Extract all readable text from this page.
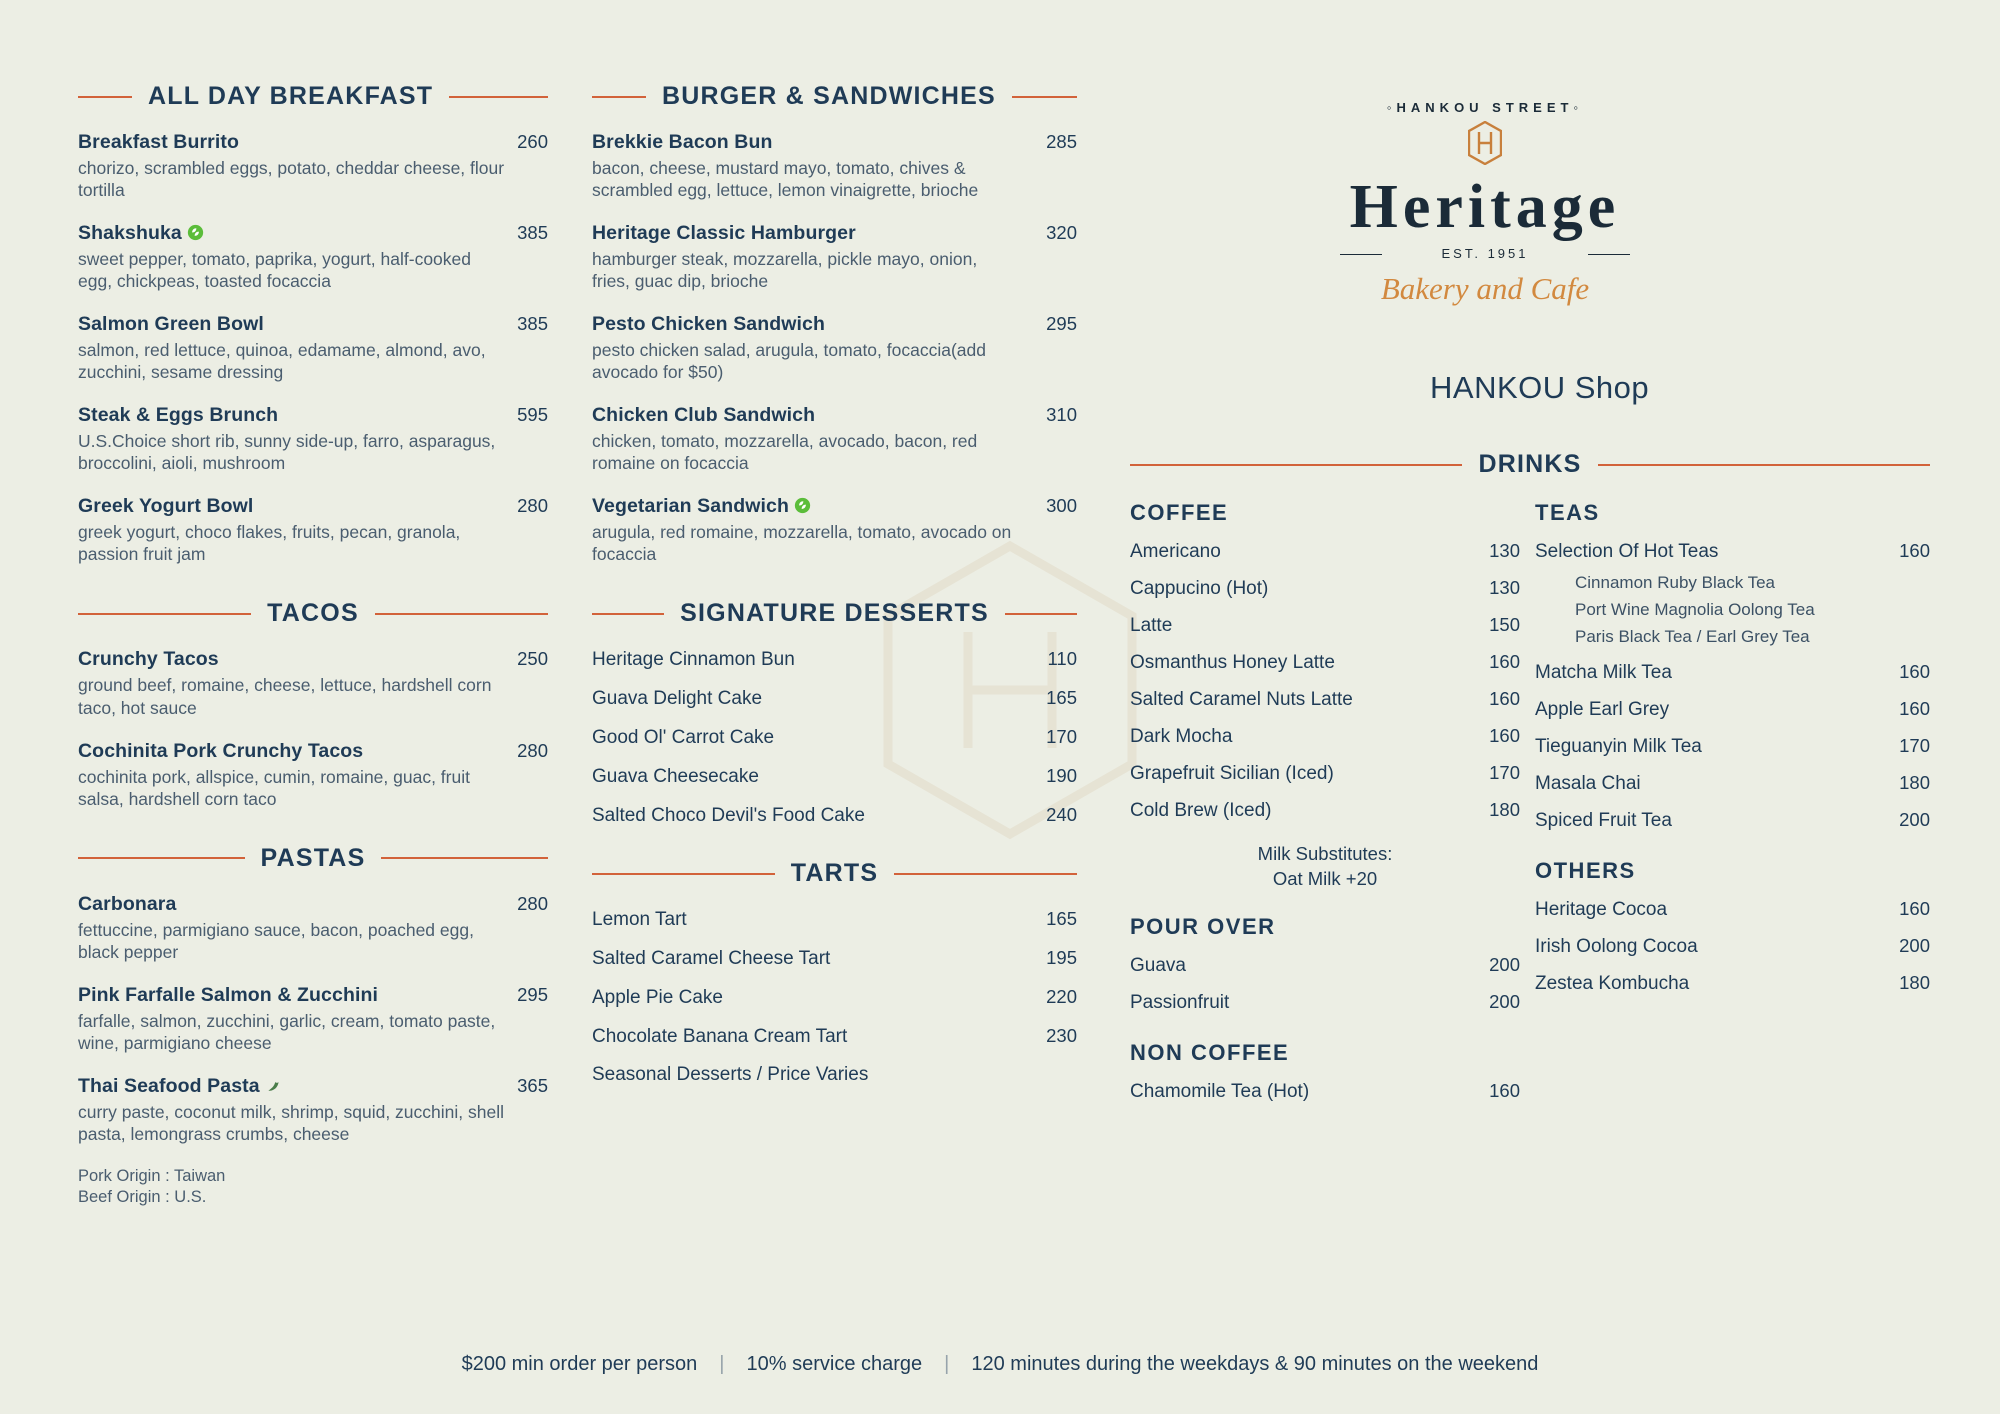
ALL DAY BREAKFAST
Breakfast Burrito	260
chorizo, scrambled eggs, potato, cheddar cheese, flour tortilla
Shakshuka	385
sweet pepper, tomato, paprika, yogurt, half-cooked egg, chickpeas, toasted focaccia
Salmon Green Bowl	385
salmon, red lettuce, quinoa, edamame, almond, avo, zucchini, sesame dressing
Steak & Eggs Brunch	595
U.S.Choice short rib, sunny side-up, farro, asparagus, broccolini, aioli, mushroom
Greek Yogurt Bowl	280
greek yogurt, choco flakes, fruits, pecan, granola, passion fruit jam
TACOS
Crunchy Tacos	250
ground beef, romaine, cheese, lettuce, hardshell corn taco, hot sauce
Cochinita Pork Crunchy Tacos	280
cochinita pork, allspice, cumin, romaine, guac, fruit salsa, hardshell corn taco
PASTAS
Carbonara	280
fettuccine, parmigiano sauce, bacon, poached egg, black pepper
Pink Farfalle Salmon & Zucchini	295
farfalle, salmon, zucchini, garlic, cream, tomato paste, wine, parmigiano cheese
Thai Seafood Pasta	365
curry paste, coconut milk, shrimp, squid, zucchini, shell pasta, lemongrass crumbs, cheese
Pork Origin : Taiwan
Beef Origin : U.S.
BURGER & SANDWICHES
Brekkie Bacon Bun	285
bacon, cheese, mustard mayo, tomato, chives & scrambled egg, lettuce, lemon vinaigrette, brioche
Heritage Classic Hamburger	320
hamburger steak, mozzarella, pickle mayo, onion, fries, guac dip, brioche
Pesto Chicken Sandwich	295
pesto chicken salad, arugula, tomato, focaccia(add avocado for $50)
Chicken Club Sandwich	310
chicken, tomato, mozzarella, avocado, bacon, red romaine on focaccia
Vegetarian Sandwich	300
arugula, red romaine, mozzarella, tomato, avocado on focaccia
SIGNATURE DESSERTS
Heritage Cinnamon Bun	110
Guava Delight Cake	165
Good Ol' Carrot Cake	170
Guava Cheesecake	190
Salted Choco Devil's Food Cake	240
TARTS
Lemon Tart	165
Salted Caramel Cheese Tart	195
Apple Pie Cake	220
Chocolate Banana Cream Tart	230
Seasonal Desserts / Price Varies
◦HANKOU STREET◦
Heritage
EST. 1951
Bakery and Cafe
HANKOU Shop
DRINKS
COFFEE
Americano	130
Cappucino (Hot)	130
Latte	150
Osmanthus Honey Latte	160
Salted Caramel Nuts Latte	160
Dark Mocha	160
Grapefruit Sicilian (Iced)	170
Cold Brew (Iced)	180
Milk Substitutes:
Oat Milk +20
POUR OVER
Guava	200
Passionfruit	200
NON COFFEE
Chamomile Tea (Hot)	160
TEAS
Selection Of Hot Teas	160
Cinnamon Ruby Black Tea
Port Wine Magnolia Oolong Tea
Paris Black Tea / Earl Grey Tea
Matcha Milk Tea	160
Apple Earl Grey	160
Tieguanyin Milk Tea	170
Masala Chai	180
Spiced Fruit Tea	200
OTHERS
Heritage Cocoa	160
Irish Oolong Cocoa	200
Zestea Kombucha	180
$200 min order per person | 10% service charge | 120 minutes during the weekdays & 90 minutes on the weekend
